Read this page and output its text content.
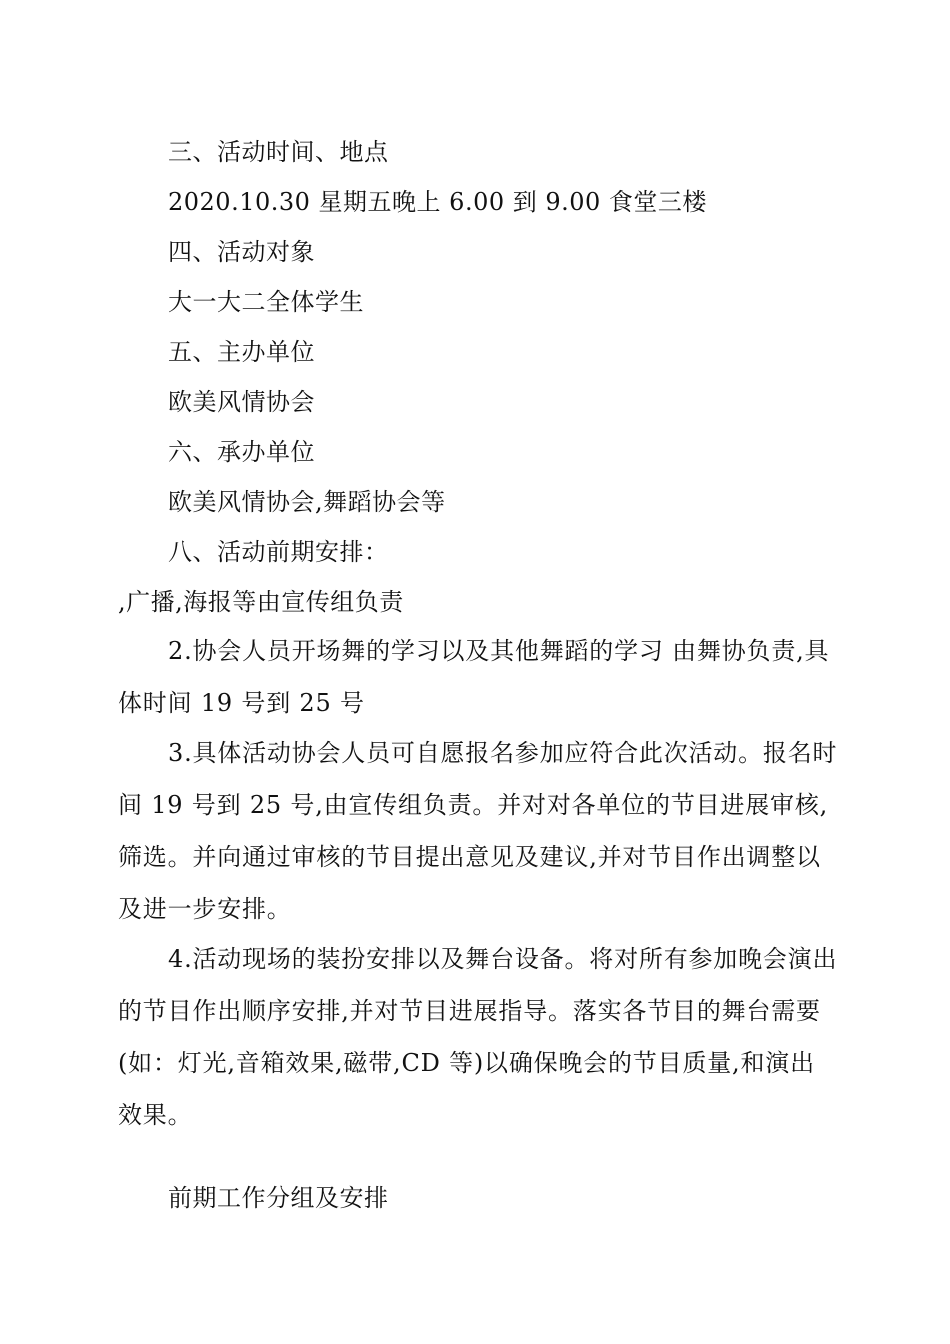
三、活动时间、地点
2020.10.30 星期五晚上 6.00 到 9.00 食堂三楼
四、活动对象
大一大二全体学生
五、主办单位
欧美风情协会
六、承办单位
欧美风情协会,舞蹈协会等
八、活动前期安排：
,广播,海报等由宣传组负责

2.协会人员开场舞的学习以及其他舞蹈的学习 由舞协负责,具体时间 19 号到 25 号

3.具体活动协会人员可自愿报名参加应符合此次活动。报名时间 19 号到 25 号,由宣传组负责。并对对各单位的节目进展审核,筛选。并向通过审核的节目提出意见及建议,并对节目作出调整以及进一步安排。

4.活动现场的装扮安排以及舞台设备。将对所有参加晚会演出的节目作出顺序安排,并对节目进展指导。落实各节目的舞台需要(如：灯光,音箱效果,磁带,CD 等)以确保晚会的节目质量,和演出效果。

前期工作分组及安排
